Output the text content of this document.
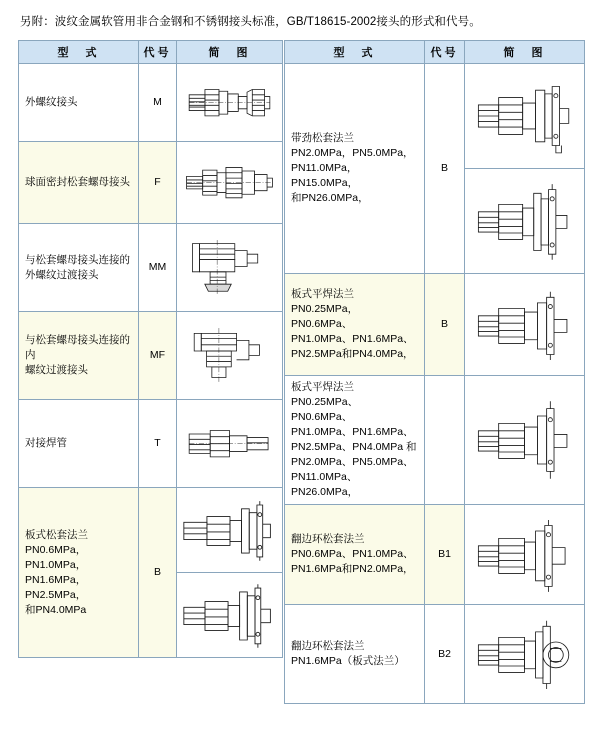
另附：波纹金属软管用非合金钢和不锈钢接头标准，GB/T18615-2002接头的形式和代号。
型　式	代号	简　图

外螺纹接头	M	

球面密封松套螺母接头	F	

与松套螺母接头连接的
外螺纹过渡接头	MM	

与松套螺母接头连接的内
螺纹过渡接头	MF	

对接焊管	T	

板式松套法兰
PN0.6MPa，PN1.0MPa，
PN1.6MPa，PN2.5MPa，
和PN4.0MPa	B	
型　式	代号	简　图

带劲松套法兰
PN2.0MPa，PN5.0MPa，
PN11.0MPa，PN15.0MPa，
和PN26.0MPa，	B	

板式平焊法兰
PN0.25MPa，PN0.6MPa、
PN1.0MPa、PN1.6MPa、
PN2.5MPa和PN4.0MPa，	B	

板式平焊法兰
PN0.25MPa、PN0.6MPa、
PN1.0MPa、PN1.6MPa、
PN2.5MPa、PN4.0MPa 和
PN2.0MPa、PN5.0MPa、
PN11.0MPa、PN26.0MPa，

翻边环松套法兰
PN0.6MPa、PN1.0MPa、
PN1.6MPa和PN2.0MPa，	B1	

翻边环松套法兰
PN1.6MPa（板式法兰）	B2	
